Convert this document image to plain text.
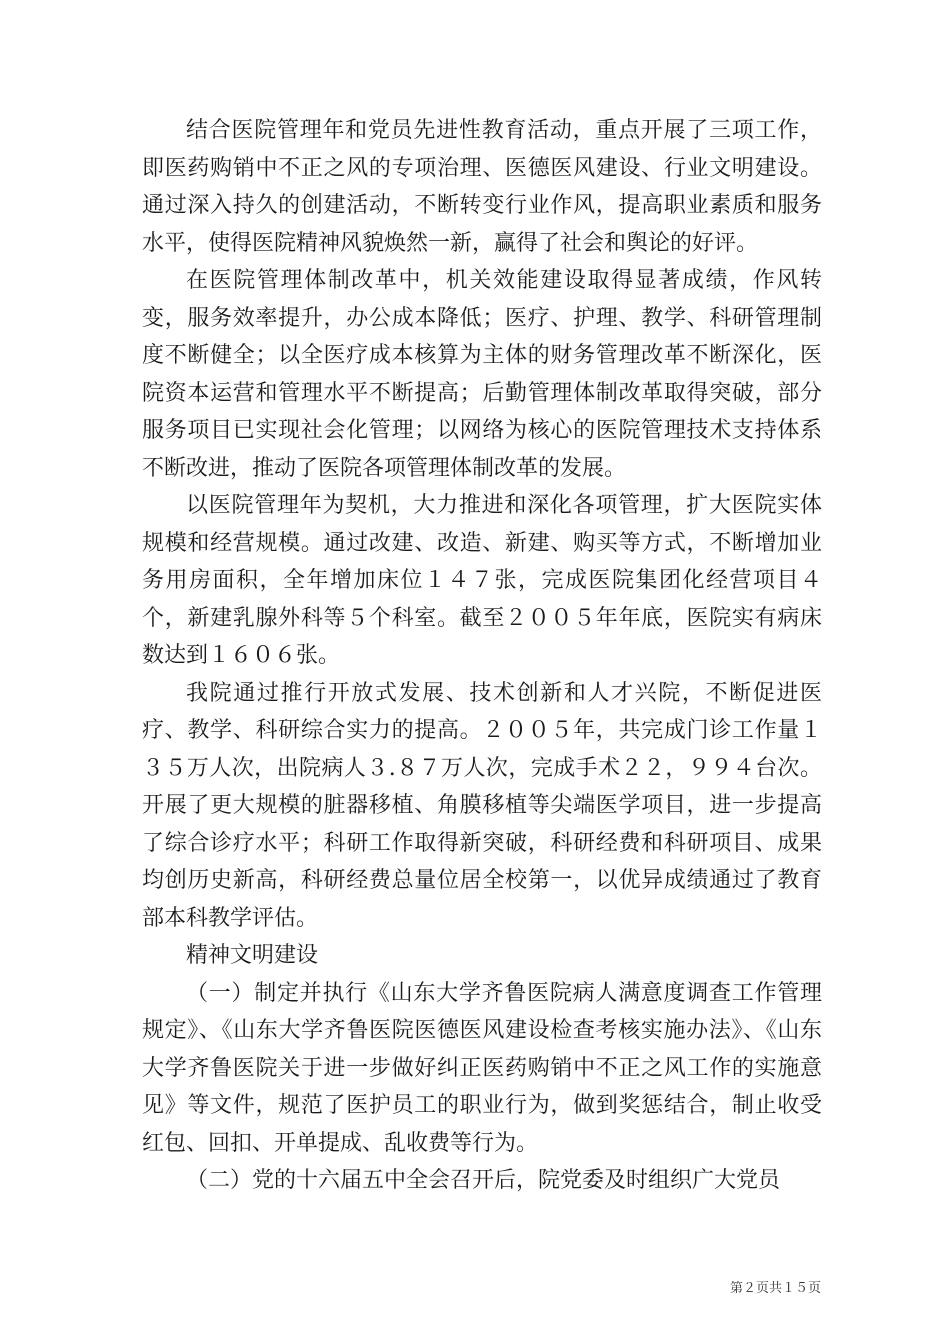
结合医院管理年和党员先进性教育活动，重点开展了三项工作，即医药购销中不正之风的专项治理、医德医风建设、行业文明建设。通过深入持久的创建活动，不断转变行业作风，提高职业素质和服务水平，使得医院精神风貌焕然一新，赢得了社会和舆论的好评。

在医院管理体制改革中，机关效能建设取得显著成绩，作风转变，服务效率提升，办公成本降低；医疗、护理、教学、科研管理制度不断健全；以全医疗成本核算为主体的财务管理改革不断深化，医院资本运营和管理水平不断提高；后勤管理体制改革取得突破，部分服务项目已实现社会化管理；以网络为核心的医院管理技术支持体系不断改进，推动了医院各项管理体制改革的发展。

以医院管理年为契机，大力推进和深化各项管理，扩大医院实体规模和经营规模。通过改建、改造、新建、购买等方式，不断增加业务用房面积，全年增加床位１４７张，完成医院集团化经营项目４个，新建乳腺外科等５个科室。截至２００５年年底，医院实有病床数达到１６０６张。

我院通过推行开放式发展、技术创新和人才兴院，不断促进医疗、教学、科研综合实力的提高。２００５年，共完成门诊工作量１３５万人次，出院病人３.８７万人次，完成手术２２，９９４台次。开展了更大规模的脏器移植、角膜移植等尖端医学项目，进一步提高了综合诊疗水平；科研工作取得新突破，科研经费和科研项目、成果均创历史新高，科研经费总量位居全校第一，以优异成绩通过了教育部本科教学评估。

精神文明建设

（一）制定并执行《山东大学齐鲁医院病人满意度调查工作管理规定》、《山东大学齐鲁医院医德医风建设检查考核实施办法》、《山东大学齐鲁医院关于进一步做好纠正医药购销中不正之风工作的实施意见》等文件，规范了医护员工的职业行为，做到奖惩结合，制止收受红包、回扣、开单提成、乱收费等行为。

（二）党的十六届五中全会召开后，院党委及时组织广大党员

第２页共１５页
